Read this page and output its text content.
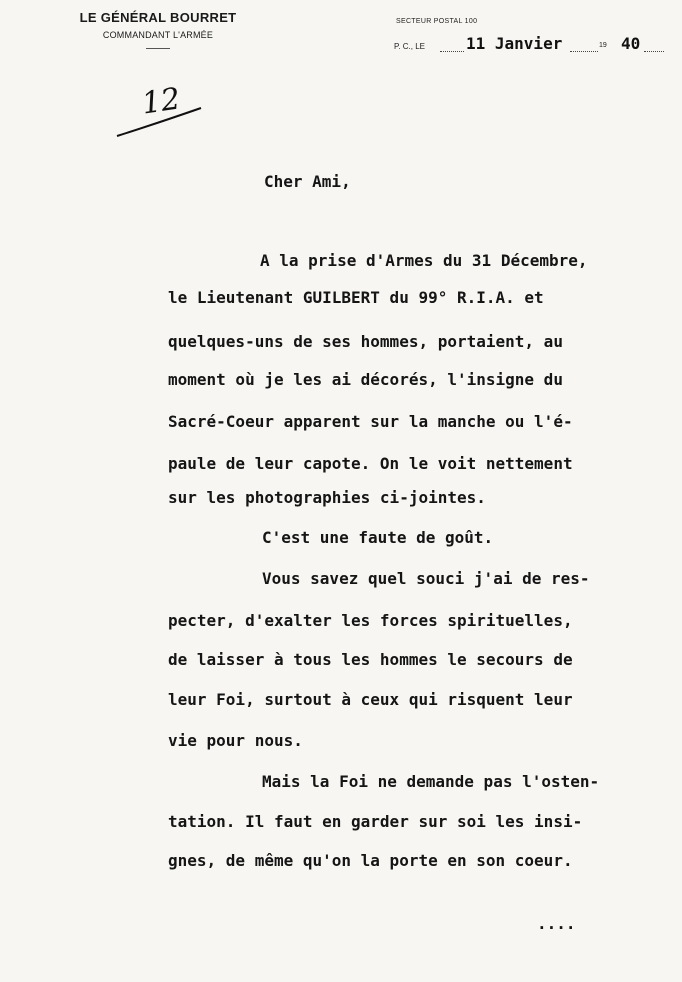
LE GÉNÉRAL BOURRET
COMMANDANT L'ARMÉE
SECTEUR POSTAL 100
P. C., LE	11 Janvier	19 40
12
Cher Ami,
A la prise d'Armes du 31 Décembre,
le Lieutenant GUILBERT du 99° R.I.A. et
quelques-uns de ses hommes, portaient, au
moment où je les ai décorés, l'insigne du
Sacré-Coeur apparent sur la manche ou l'é-
paule de leur capote. On le voit nettement
sur les photographies ci-jointes.
C'est une faute de goût.
Vous savez quel souci j'ai de res-
pecter, d'exalter les forces spirituelles,
de laisser à tous les hommes le secours de
leur Foi, surtout à ceux qui risquent leur
vie pour nous.
Mais la Foi ne demande pas l'osten-
tation. Il faut en garder sur soi les insi-
gnes, de même qu'on la porte en son coeur.
....
